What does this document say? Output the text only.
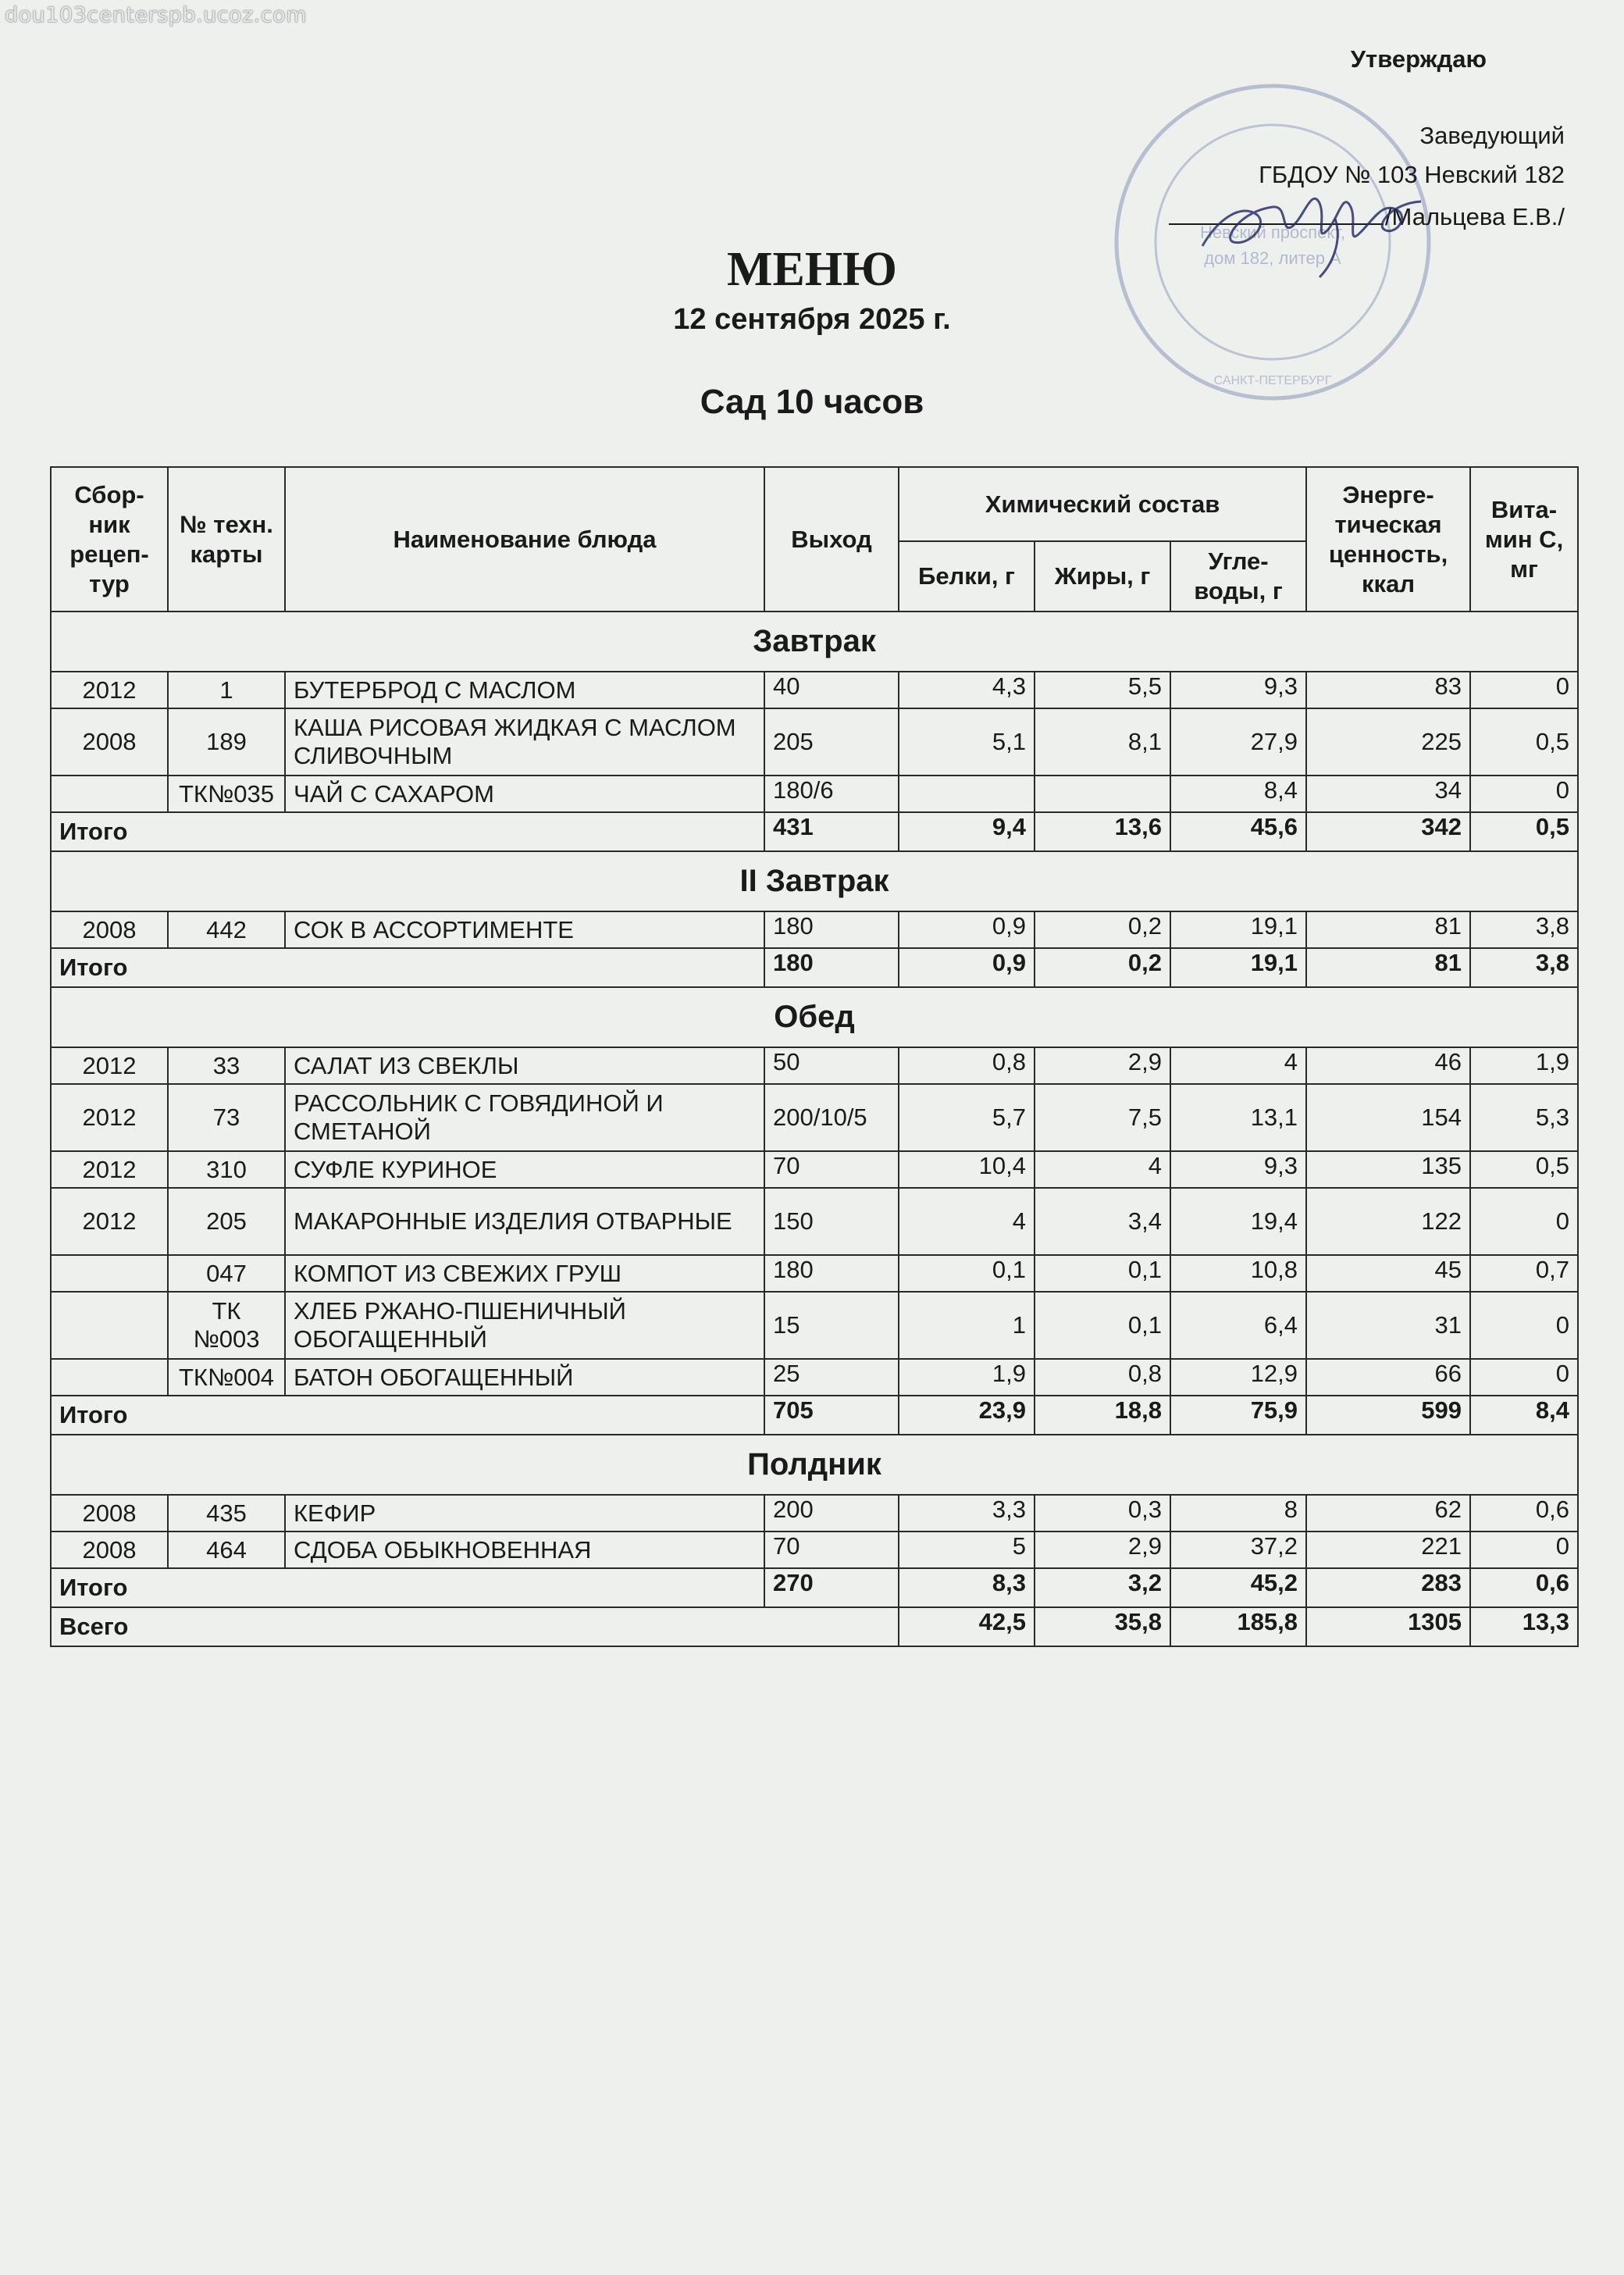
dou103centerspb.ucoz.com
Невский проспект,
дом 182, литер А
САНКТ-ПЕТЕРБУРГ
Утверждаю
Заведующий
ГБДОУ № 103 Невский 182
/Мальцева Е.В./
МЕНЮ
12 сентября 2025 г.
Сад 10 часов
Сбор-ник рецеп-тур	№ техн. карты	Наименование блюда	Выход	Химический состав			Энерге-тическая ценность, ккал	Вита-мин С, мг
				Белки, г	Жиры, г	Угле-воды, г		
Завтрак								
2012	1	БУТЕРБРОД С МАСЛОМ	40	4,3	5,5	9,3	83	0
2008	189	КАША РИСОВАЯ ЖИДКАЯ С МАСЛОМ СЛИВОЧНЫМ	205	5,1	8,1	27,9	225	0,5
	ТК№035	ЧАЙ С САХАРОМ	180/6			8,4	34	0
Итого			431	9,4	13,6	45,6	342	0,5
II Завтрак								
2008	442	СОК В АССОРТИМЕНТЕ	180	0,9	0,2	19,1	81	3,8
Итого			180	0,9	0,2	19,1	81	3,8
Обед								
2012	33	САЛАТ ИЗ СВЕКЛЫ	50	0,8	2,9	4	46	1,9
2012	73	РАССОЛЬНИК С ГОВЯДИНОЙ И СМЕТАНОЙ	200/10/5	5,7	7,5	13,1	154	5,3
2012	310	СУФЛЕ КУРИНОЕ	70	10,4	4	9,3	135	0,5
2012	205	МАКАРОННЫЕ ИЗДЕЛИЯ ОТВАРНЫЕ	150	4	3,4	19,4	122	0
	047	КОМПОТ ИЗ СВЕЖИХ ГРУШ	180	0,1	0,1	10,8	45	0,7
	ТК №003	ХЛЕБ РЖАНО-ПШЕНИЧНЫЙ ОБОГАЩЕННЫЙ	15	1	0,1	6,4	31	0
	ТК№004	БАТОН ОБОГАЩЕННЫЙ	25	1,9	0,8	12,9	66	0
Итого			705	23,9	18,8	75,9	599	8,4
Полдник								
2008	435	КЕФИР	200	3,3	0,3	8	62	0,6
2008	464	СДОБА ОБЫКНОВЕННАЯ	70	5	2,9	37,2	221	0
Итого			270	8,3	3,2	45,2	283	0,6
Всего				42,5	35,8	185,8	1305	13,3
